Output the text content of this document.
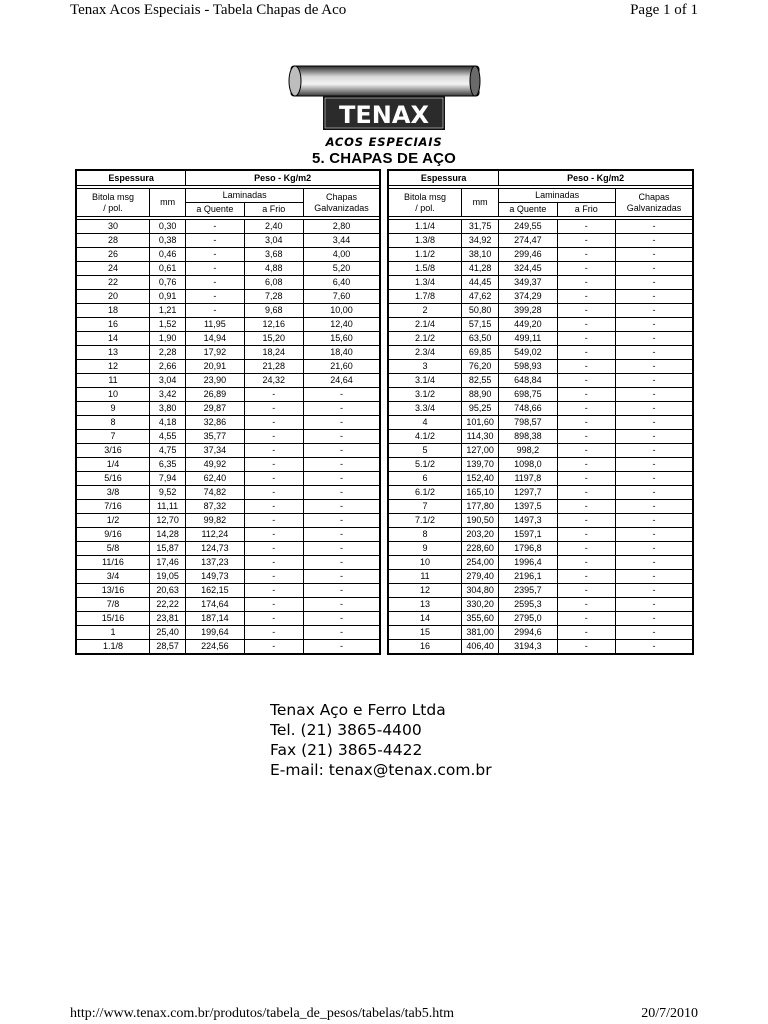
Tenax Acos Especiais - Tabela Chapas de Aco	Page 1 of 1
TENAX
ACOS ESPECIAIS
5. CHAPAS DE AÇO
Espessura		Peso - Kg/m2		

Bitola msg
/ pol.	mm	Laminadas		Chapas
Galvanizadas
		a Quente	a Frio	

30	0,30	-	2,40	2,80
28	0,38	-	3,04	3,44
26	0,46	-	3,68	4,00
24	0,61	-	4,88	5,20
22	0,76	-	6,08	6,40
20	0,91	-	7,28	7,60
18	1,21	-	9,68	10,00
16	1,52	11,95	12,16	12,40
14	1,90	14,94	15,20	15,60
13	2,28	17,92	18,24	18,40
12	2,66	20,91	21,28	21,60
11	3,04	23,90	24,32	24,64
10	3,42	26,89	-	-
9	3,80	29,87	-	-
8	4,18	32,86	-	-
7	4,55	35,77	-	-
3/16	4,75	37,34	-	-
1/4	6,35	49,92	-	-
5/16	7,94	62,40	-	-
3/8	9,52	74,82	-	-
7/16	11,11	87,32	-	-
1/2	12,70	99,82	-	-
9/16	14,28	112,24	-	-
5/8	15,87	124,73	-	-
11/16	17,46	137,23	-	-
3/4	19,05	149,73	-	-
13/16	20,63	162,15	-	-
7/8	22,22	174,64	-	-
15/16	23,81	187,14	-	-
1	25,40	199,64	-	-
1.1/8	28,57	224,56	-	-
Espessura		Peso - Kg/m2		

Bitola msg
/ pol.	mm	Laminadas		Chapas
Galvanizadas
		a Quente	a Frio	

1.1/4	31,75	249,55	-	-
1.3/8	34,92	274,47	-	-
1.1/2	38,10	299,46	-	-
1.5/8	41,28	324,45	-	-
1.3/4	44,45	349,37	-	-
1.7/8	47,62	374,29	-	-
2	50,80	399,28	-	-
2.1/4	57,15	449,20	-	-
2.1/2	63,50	499,11	-	-
2.3/4	69,85	549,02	-	-
3	76,20	598,93	-	-
3.1/4	82,55	648,84	-	-
3.1/2	88,90	698,75	-	-
3.3/4	95,25	748,66	-	-
4	101,60	798,57	-	-
4.1/2	114,30	898,38	-	-
5	127,00	998,2	-	-
5.1/2	139,70	1098,0	-	-
6	152,40	1197,8	-	-
6.1/2	165,10	1297,7	-	-
7	177,80	1397,5	-	-
7.1/2	190,50	1497,3	-	-
8	203,20	1597,1	-	-
9	228,60	1796,8	-	-
10	254,00	1996,4	-	-
11	279,40	2196,1	-	-
12	304,80	2395,7	-	-
13	330,20	2595,3	-	-
14	355,60	2795,0	-	-
15	381,00	2994,6	-	-
16	406,40	3194,3	-	-
Tenax Aço e Ferro Ltda
Tel. (21) 3865-4400
Fax (21) 3865-4422
E-mail: tenax@tenax.com.br
http://www.tenax.com.br/produtos/tabela_de_pesos/tabelas/tab5.htm	20/7/2010
